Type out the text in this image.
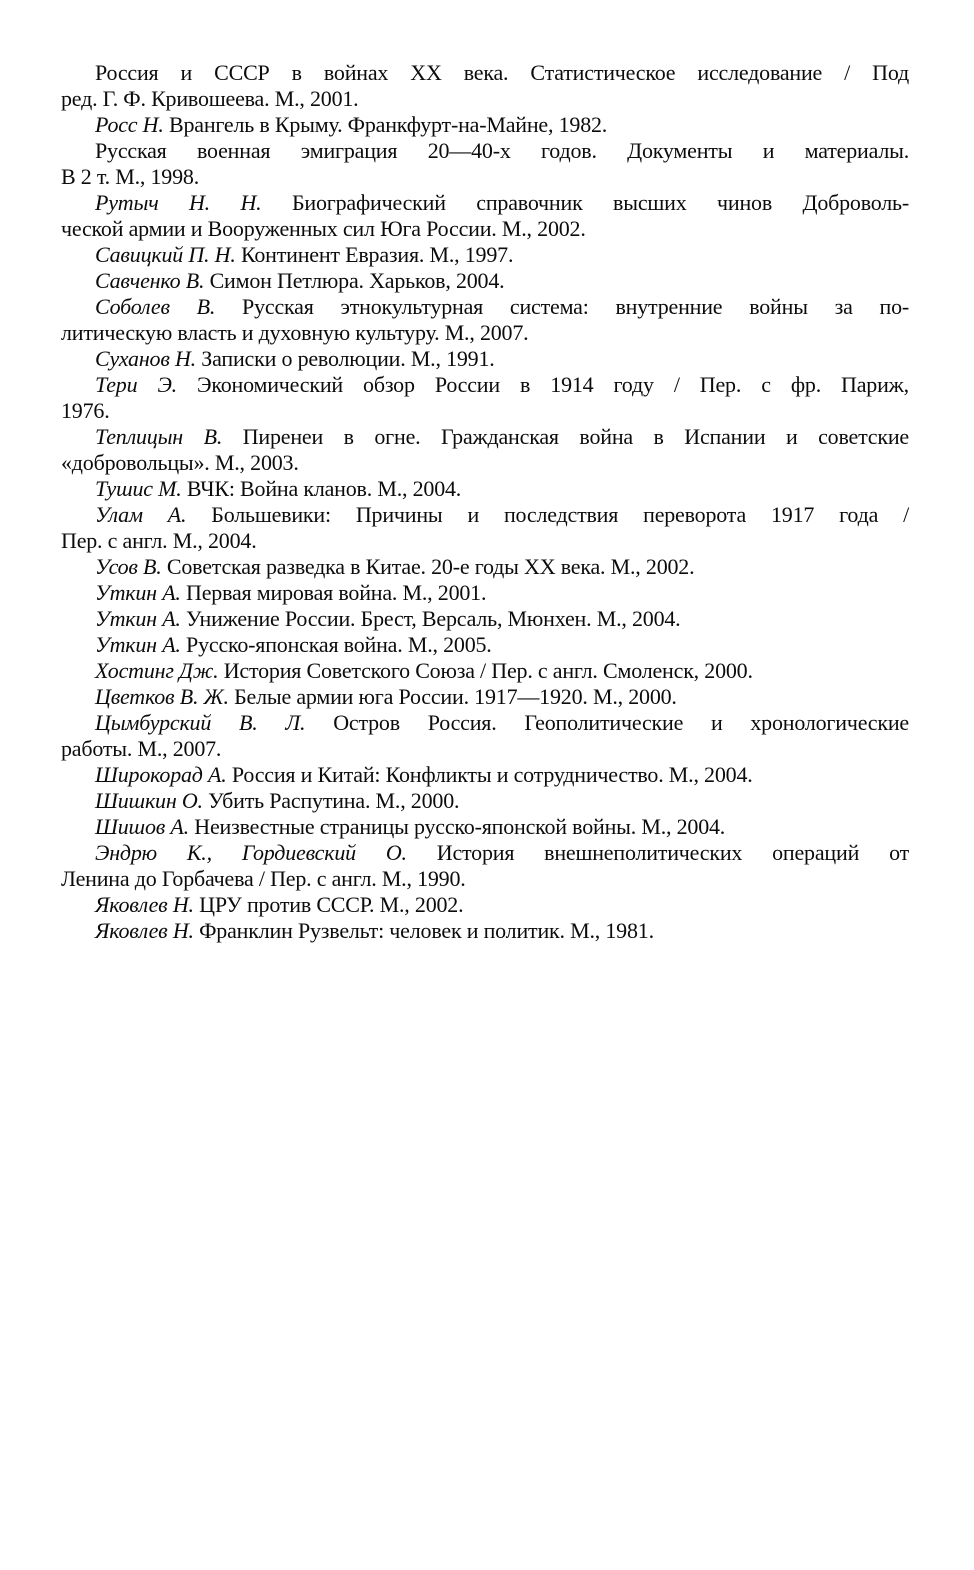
Россия и СССР в войнах XX века. Статистическое исследование / Под
ред. Г. Ф. Кривошеева. М., 2001.
Росс Н. Врангель в Крыму. Франкфурт-на-Майне, 1982.
Русская военная эмиграция 20—40-х годов. Документы и материалы.
В 2 т. М., 1998.
Рутыч Н. Н. Биографический справочник высших чинов Доброволь-
ческой армии и Вооруженных сил Юга России. М., 2002.
Савицкий П. Н. Континент Евразия. М., 1997.
Савченко В. Симон Петлюра. Харьков, 2004.
Соболев В. Русская этнокультурная система: внутренние войны за по-
литическую власть и духовную культуру. М., 2007.
Суханов Н. Записки о революции. М., 1991.
Тери Э. Экономический обзор России в 1914 году / Пер. с фр. Париж,
1976.
Теплицын В. Пиренеи в огне. Гражданская война в Испании и советские
«добровольцы». М., 2003.
Тушис М. ВЧК: Война кланов. М., 2004.
Улам А. Большевики: Причины и последствия переворота 1917 года /
Пер. с англ. М., 2004.
Усов В. Советская разведка в Китае. 20-е годы XX века. М., 2002.
Уткин А. Первая мировая война. М., 2001.
Уткин А. Унижение России. Брест, Версаль, Мюнхен. М., 2004.
Уткин А. Русско-японская война. М., 2005.
Хостинг Дж. История Советского Союза / Пер. с англ. Смоленск, 2000.
Цветков В. Ж. Белые армии юга России. 1917—1920. М., 2000.
Цымбурский В. Л. Остров Россия. Геополитические и хронологические
работы. М., 2007.
Широкорад А. Россия и Китай: Конфликты и сотрудничество. М., 2004.
Шишкин О. Убить Распутина. М., 2000.
Шишов А. Неизвестные страницы русско-японской войны. М., 2004.
Эндрю К., Гордиевский О. История внешнеполитических операций от
Ленина до Горбачева / Пер. с англ. М., 1990.
Яковлев Н. ЦРУ против СССР. М., 2002.
Яковлев Н. Франклин Рузвельт: человек и политик. М., 1981.
